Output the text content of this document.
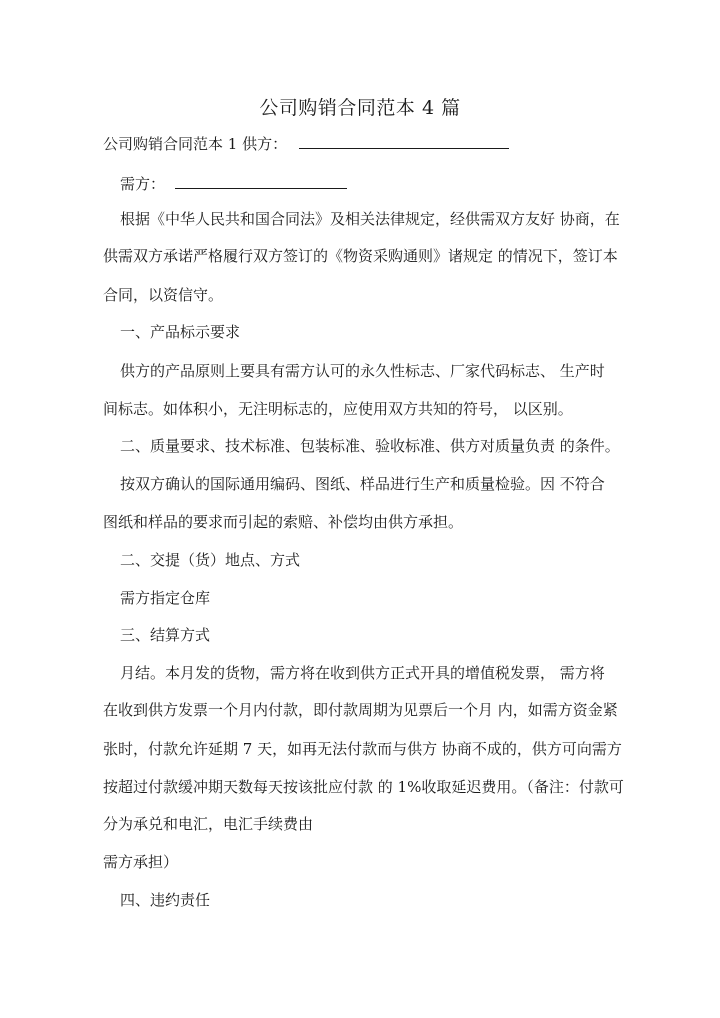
公司购销合同范本 4 篇
公司购销合同范本 1 供方：
需方：
根据《中华人民共和国合同法》及相关法律规定，经供需双方友好 协商，在
供需双方承诺严格履行双方签订的《物资采购通则》诸规定 的情况下，签订本
合同，以资信守。
一、产品标示要求
供方的产品原则上要具有需方认可的永久性标志、厂家代码标志、 生产时
间标志。如体积小，无注明标志的，应使用双方共知的符号， 以区别。
二、质量要求、技术标准、包装标准、验收标准、供方对质量负责 的条件。
按双方确认的国际通用编码、图纸、样品进行生产和质量检验。因 不符合
图纸和样品的要求而引起的索赔、补偿均由供方承担。
二、交提（货）地点、方式
需方指定仓库
三、结算方式
月结。本月发的货物，需方将在收到供方正式开具的增值税发票， 需方将
在收到供方发票一个月内付款，即付款周期为见票后一个月 内，如需方资金紧
张时，付款允许延期 7 天，如再无法付款而与供方 协商不成的，供方可向需方
按超过付款缓冲期天数每天按该批应付款 的 1%收取延迟费用。（备注：付款可
分为承兑和电汇，电汇手续费由
需方承担）
四、违约责任
